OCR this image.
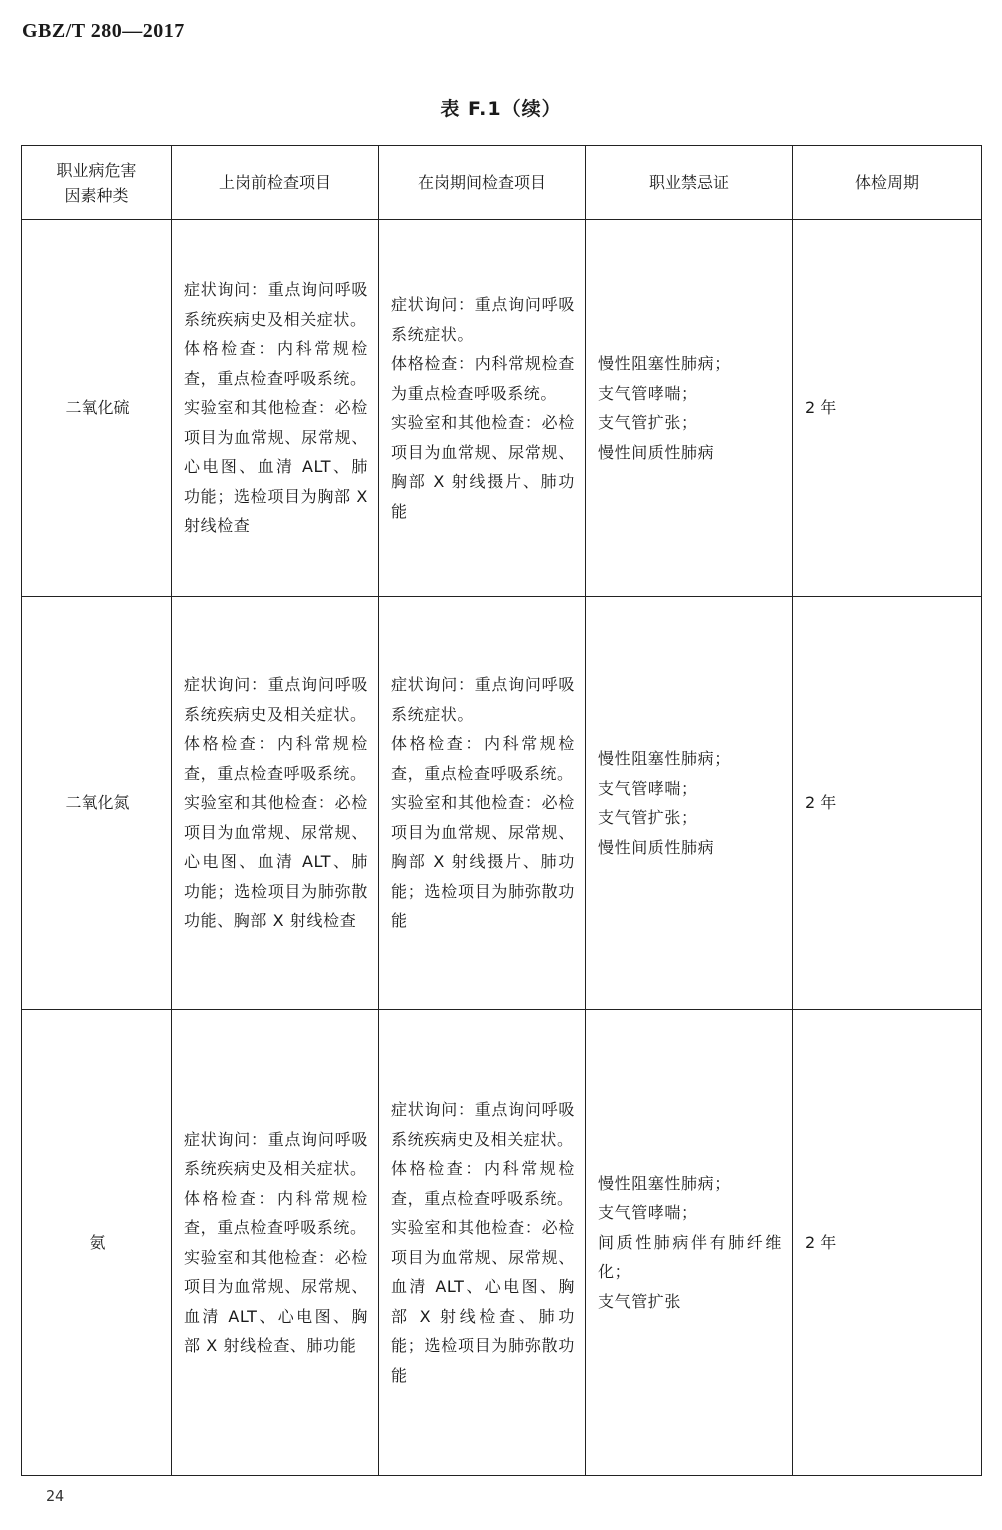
GBZ/T 280—2017
表 F.1（续）
职业病危害
因素种类	上岗前检查项目	在岗期间检查项目	职业禁忌证	体检周期
二氧化硫	症状询问：重点询问呼吸系统疾病史及相关症状。
体格检查：内科常规检查，重点检查呼吸系统。
实验室和其他检查：必检项目为血常规、尿常规、心电图、血清 ALT、肺功能；选检项目为胸部 X 射线检查	症状询问：重点询问呼吸系统症状。
体格检查：内科常规检查为重点检查呼吸系统。
实验室和其他检查：必检项目为血常规、尿常规、胸部 X 射线摄片、肺功能	慢性阻塞性肺病；
支气管哮喘；
支气管扩张；
慢性间质性肺病	2 年
二氧化氮	症状询问：重点询问呼吸系统疾病史及相关症状。
体格检查：内科常规检查，重点检查呼吸系统。
实验室和其他检查：必检项目为血常规、尿常规、心电图、血清 ALT、肺功能；选检项目为肺弥散功能、胸部 X 射线检查	症状询问：重点询问呼吸系统症状。
体格检查：内科常规检查，重点检查呼吸系统。
实验室和其他检查：必检项目为血常规、尿常规、胸部 X 射线摄片、肺功能；选检项目为肺弥散功能	慢性阻塞性肺病；
支气管哮喘；
支气管扩张；
慢性间质性肺病	2 年
氨	症状询问：重点询问呼吸系统疾病史及相关症状。
体格检查：内科常规检查，重点检查呼吸系统。
实验室和其他检查：必检项目为血常规、尿常规、血清 ALT、心电图、胸部 X 射线检查、肺功能	症状询问：重点询问呼吸系统疾病史及相关症状。
体格检查：内科常规检查，重点检查呼吸系统。
实验室和其他检查：必检项目为血常规、尿常规、血清 ALT、心电图、胸部 X 射线检查、肺功能；选检项目为肺弥散功能	慢性阻塞性肺病；
支气管哮喘；
间质性肺病伴有肺纤维化；
支气管扩张	2 年
24
